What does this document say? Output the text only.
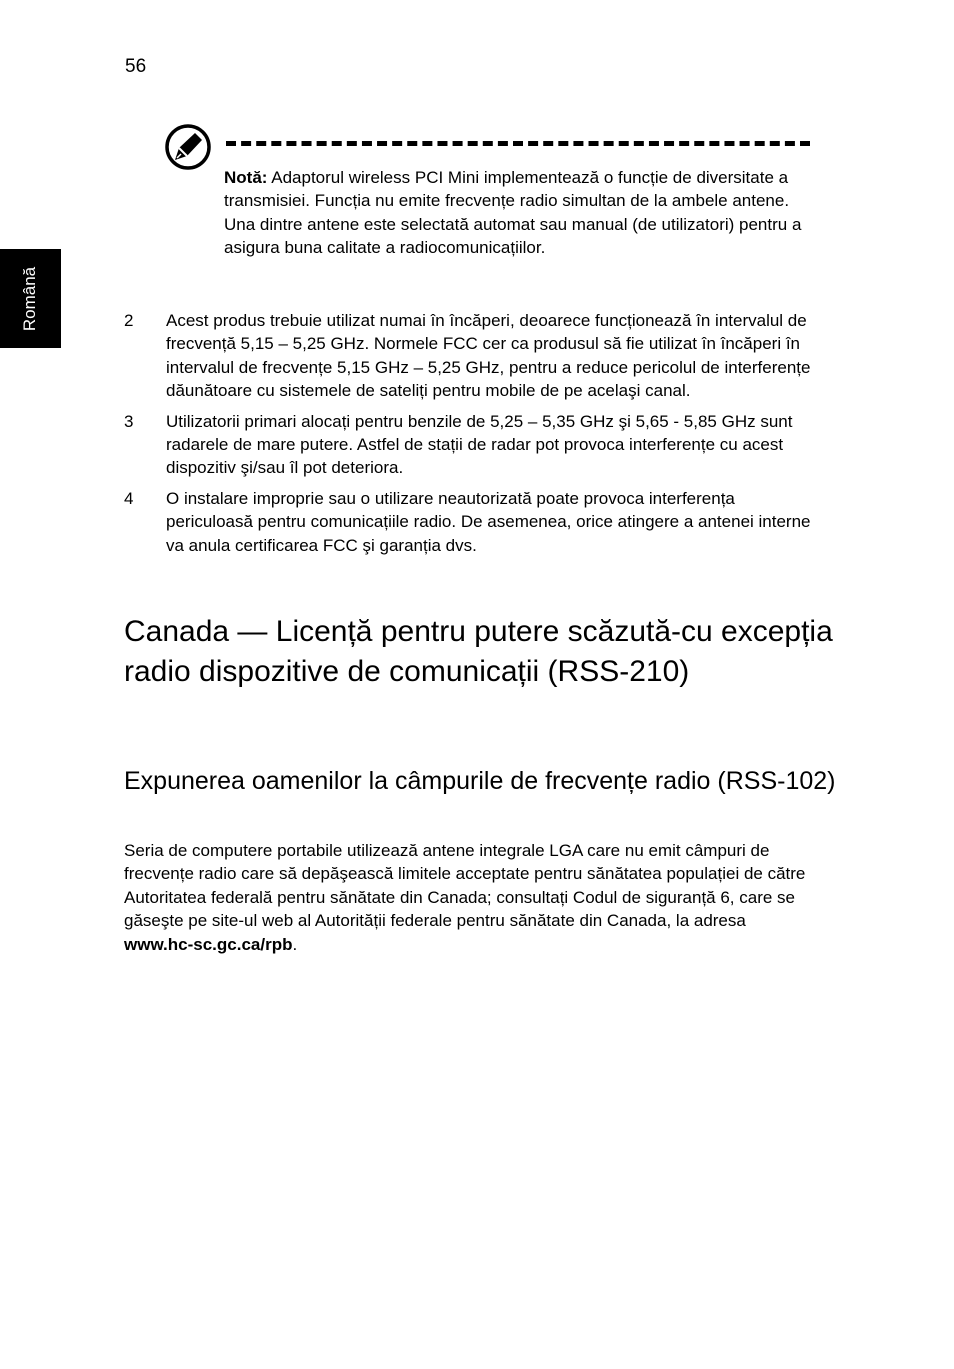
56
Română
Notă: Adaptorul wireless PCI Mini implementează o funcție de diversitate a transmisiei. Funcția nu emite frecvențe radio simultan de la ambele antene. Una dintre antene este selectată automat sau manual (de utilizatori) pentru a asigura buna calitate a radiocomunicațiilor.
2 Acest produs trebuie utilizat numai în încăperi, deoarece funcționează în intervalul de frecvență 5,15 – 5,25 GHz. Normele FCC cer ca produsul să fie utilizat în încăperi în intervalul de frecvențe 5,15 GHz – 5,25 GHz, pentru a reduce pericolul de interferențe dăunătoare cu sistemele de sateliți pentru mobile de pe acelaşi canal.
3 Utilizatorii primari alocați pentru benzile de 5,25 – 5,35 GHz şi 5,65 - 5,85 GHz sunt radarele de mare putere. Astfel de stații de radar pot provoca interferențe cu acest dispozitiv şi/sau îl pot deteriora.
4 O instalare improprie sau o utilizare neautorizată poate provoca interferența periculoasă pentru comunicațiile radio. De asemenea, orice atingere a antenei interne va anula certificarea FCC şi garanția dvs.
Canada — Licență pentru putere scăzută-cu excepția radio dispozitive de comunicații (RSS-210)
Expunerea oamenilor la câmpurile de frecvențe radio (RSS-102)

Seria de computere portabile utilizează antene integrale LGA care nu emit câmpuri de frecvențe radio care să depăşească limitele acceptate pentru sănătatea populației de către Autoritatea federală pentru sănătate din Canada; consultați Codul de siguranță 6, care se găseşte pe site-ul web al Autorității federale pentru sănătate din Canada, la adresa www.hc-sc.gc.ca/rpb.
